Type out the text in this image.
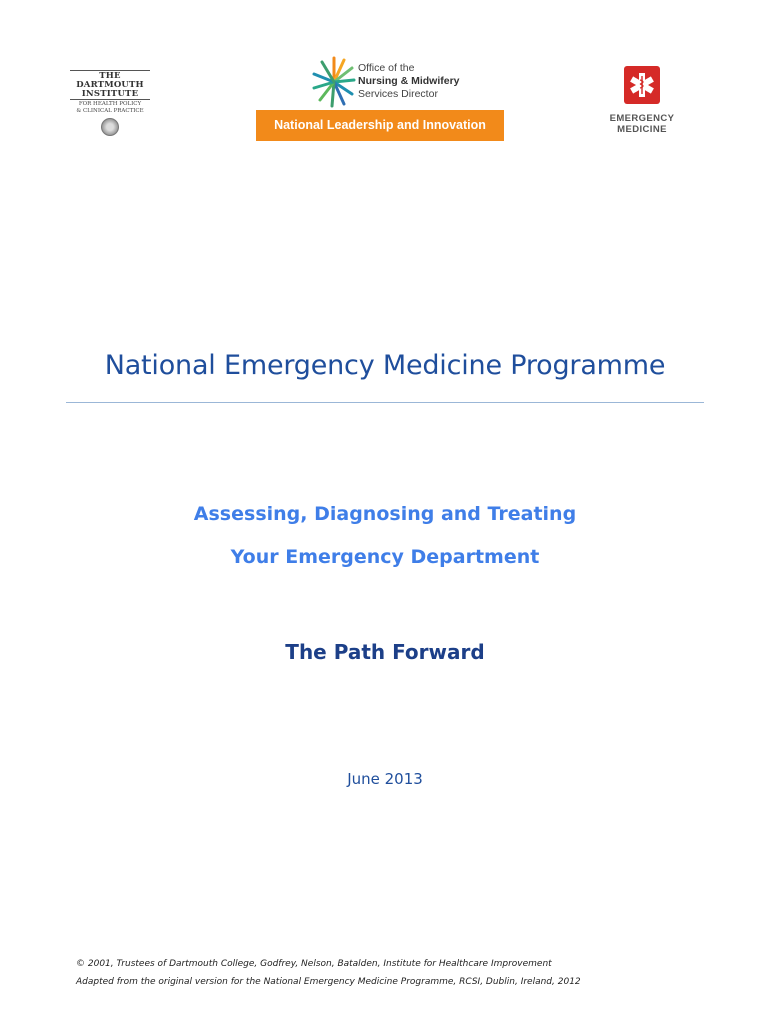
THE
DARTMOUTH
INSTITUTE
FOR HEALTH POLICY
& CLINICAL PRACTICE
Office of the
Nursing & Midwifery
Services Director
National Leadership and Innovation Centre
EMERGENCY
MEDICINE
National Emergency Medicine Programme
Assessing, Diagnosing and Treating
Your Emergency Department
The Path Forward
June 2013
© 2001, Trustees of Dartmouth College, Godfrey, Nelson, Batalden, Institute for Healthcare Improvement
Adapted from the original version for the National Emergency Medicine Programme, RCSI, Dublin, Ireland, 2012
